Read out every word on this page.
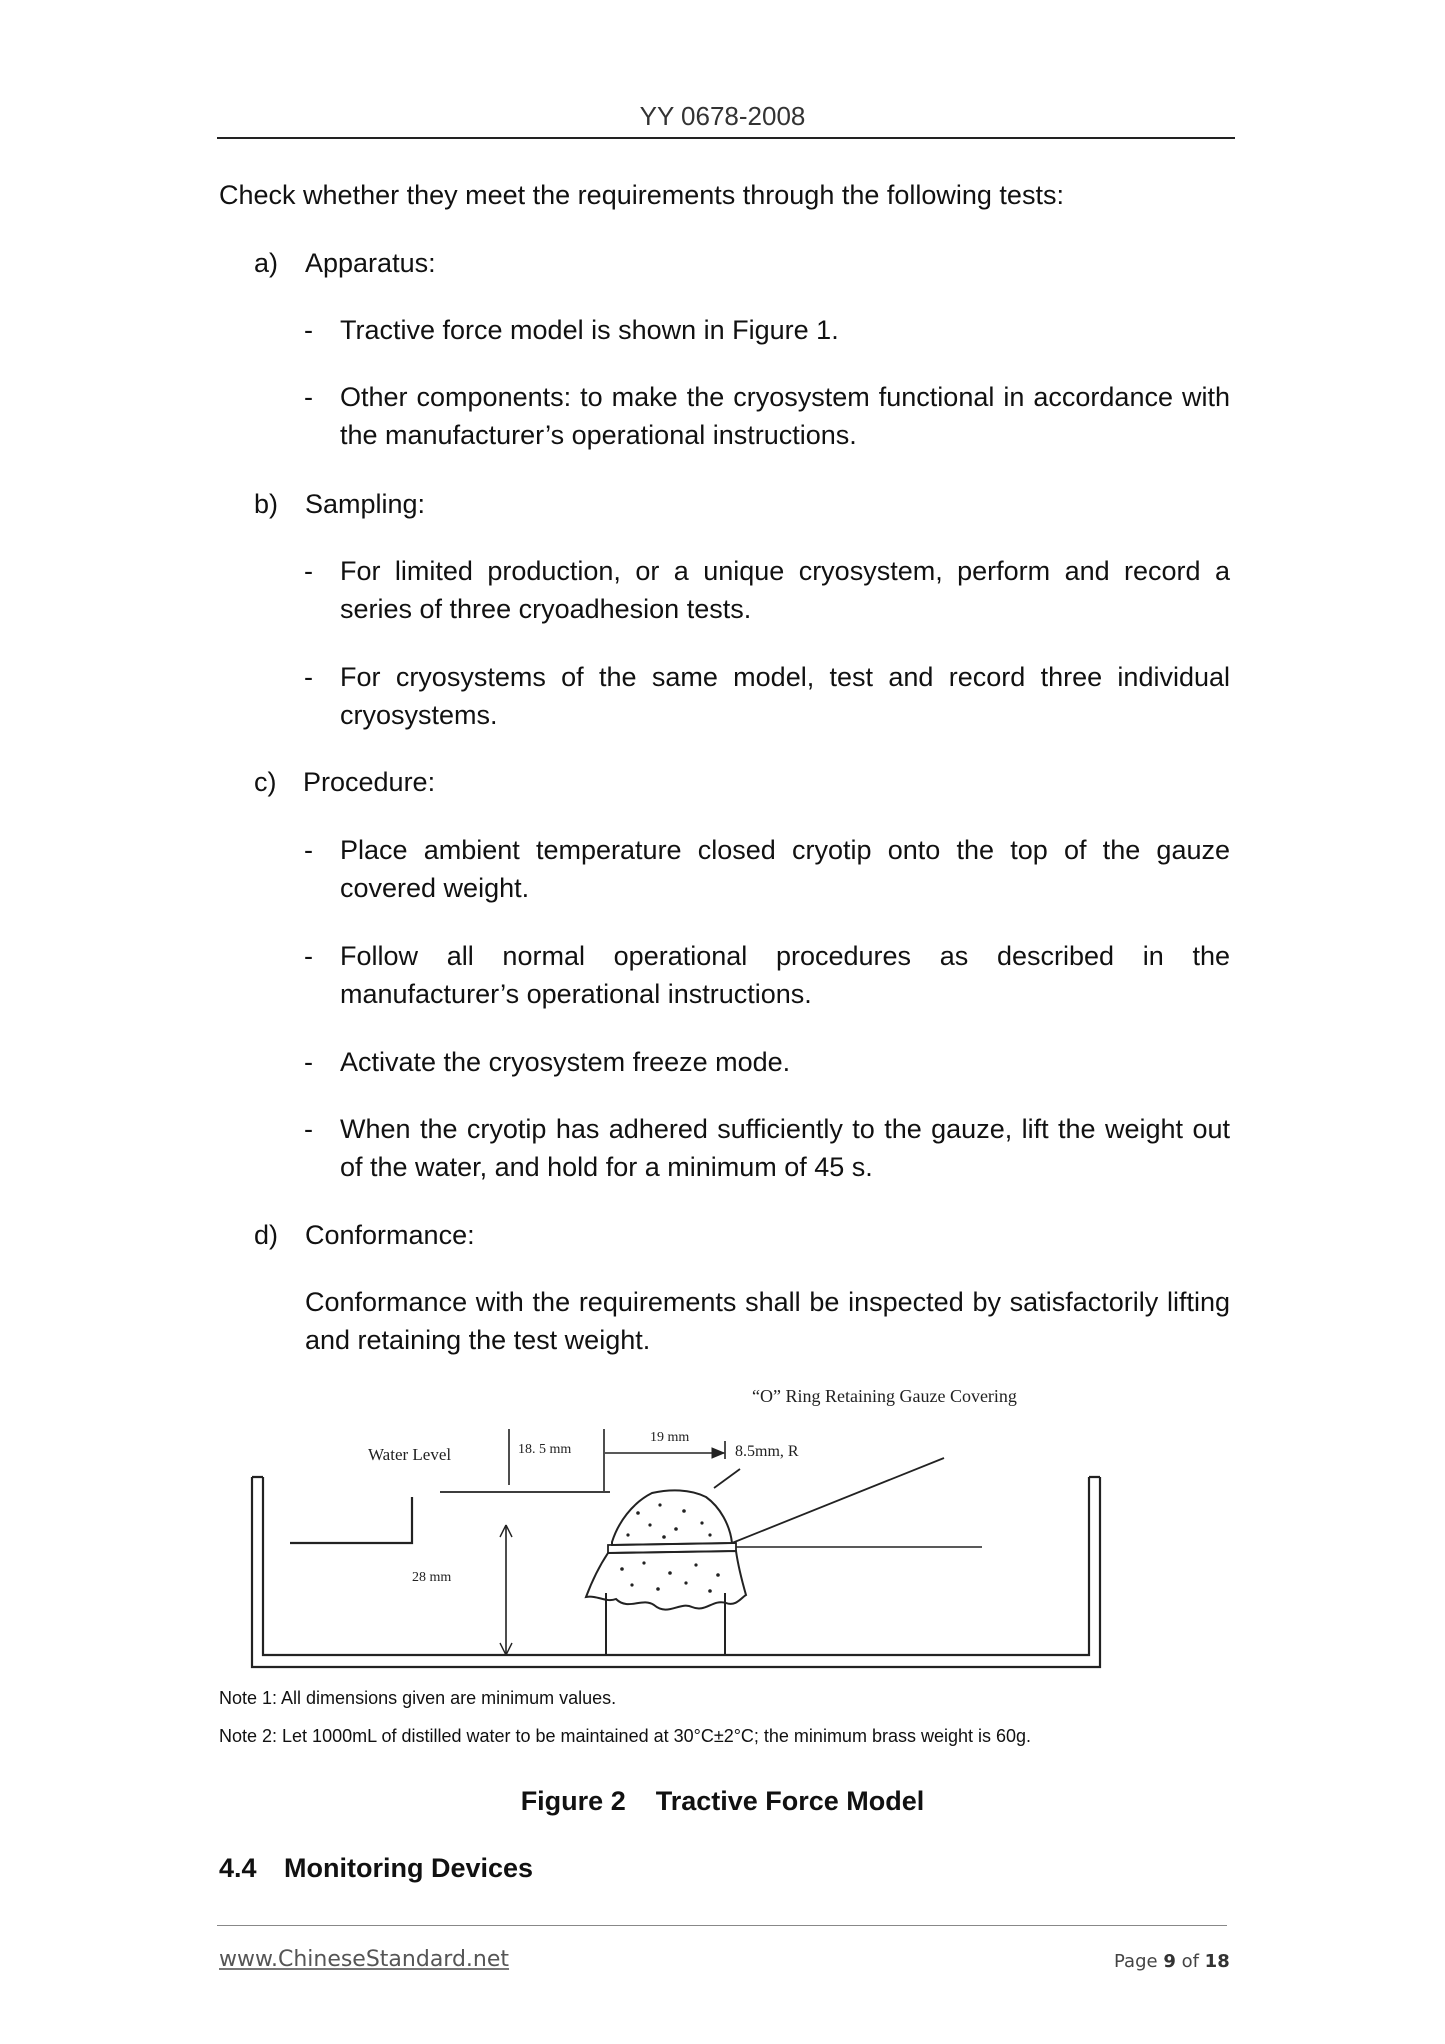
YY 0678-2008
Check whether they meet the requirements through the following tests:
a) Apparatus:
- Tractive force model is shown in Figure 1.
- Other components: to make the cryosystem functional in accordance with the manufacturer’s operational instructions.
b) Sampling:
- For limited production, or a unique cryosystem, perform and record a series of three cryoadhesion tests.
- For cryosystems of the same model, test and record three individual cryosystems.
c) Procedure:
- Place ambient temperature closed cryotip onto the top of the gauze covered weight.
- Follow all normal operational procedures as described in the manufacturer’s operational instructions.
- Activate the cryosystem freeze mode.
- When the cryotip has adhered sufficiently to the gauze, lift the weight out of the water, and hold for a minimum of 45 s.
d) Conformance:
Conformance with the requirements shall be inspected by satisfactorily lifting and retaining the test weight.
“O” Ring Retaining Gauze Covering
Water Level	18. 5 mm
19 mm
8.5mm, R
28 mm
Note 1: All dimensions given are minimum values.
Note 2: Let 1000mL of distilled water to be maintained at 30°C±2°C; the minimum brass weight is 60g.
Figure 2    Tractive Force Model
4.4 Monitoring Devices
www.ChineseStandard.net	Page 9 of 18
